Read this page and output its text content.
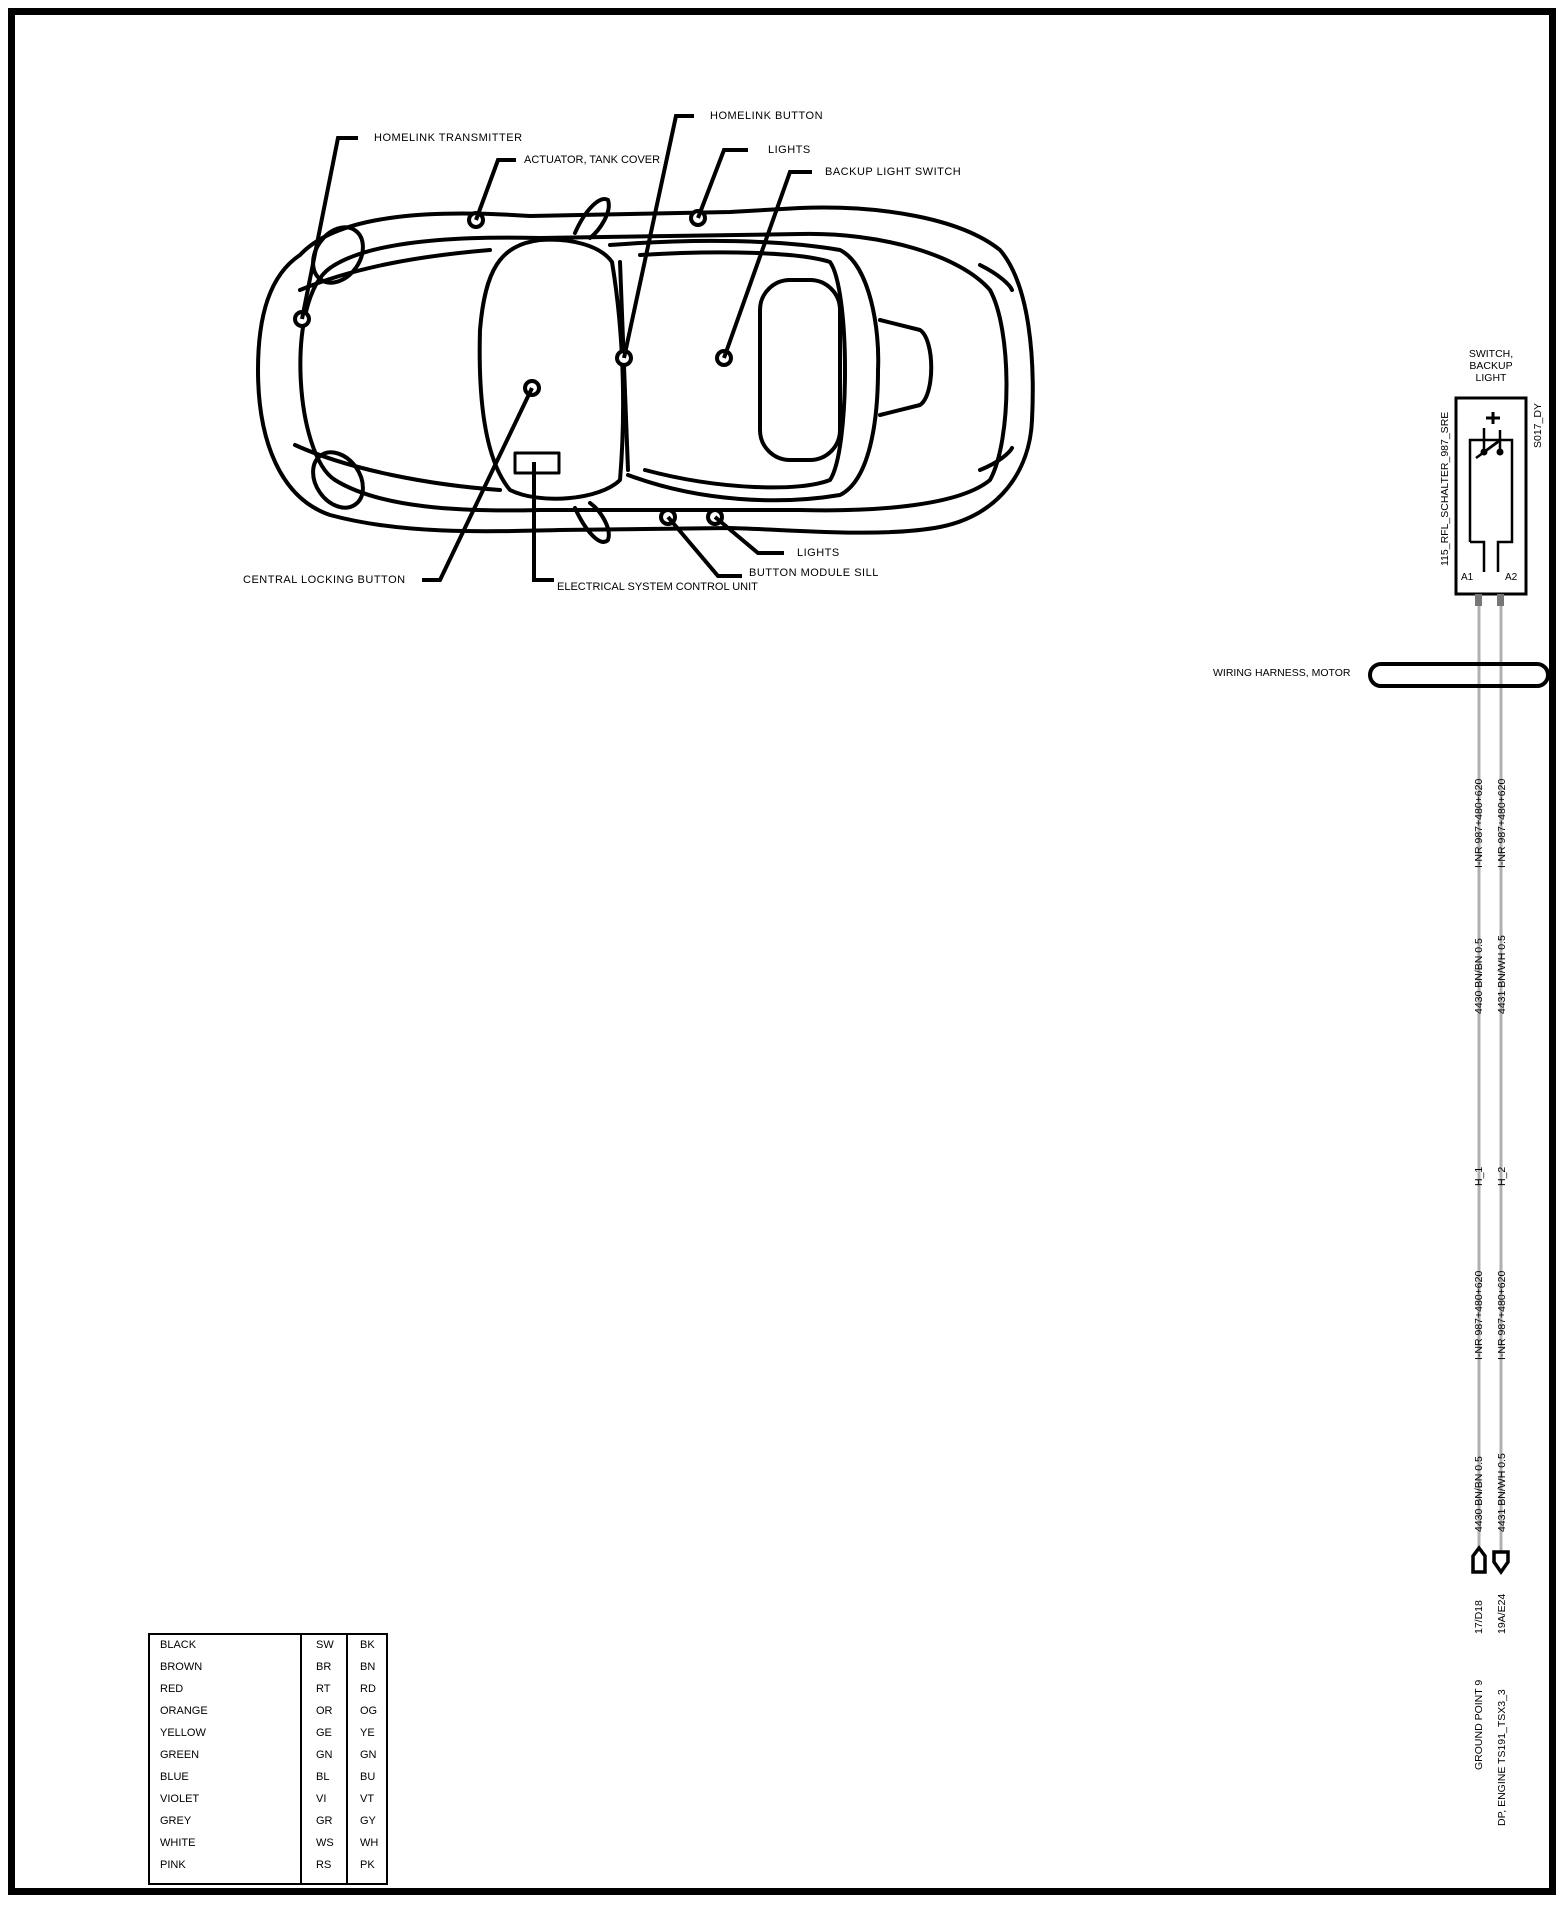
115_RFL_SCHALTER_987_SRE	S017_DY
I-NR 987+480+620 I-NR 987+480+620
4430 BN/BN 0.5 4431 BN/WH 0.5
H_1 H_2
I-NR 987+480+620 I-NR 987+480+620
4430 BN/BN 0.5 4431 BN/WH 0.5
17/D18 19A/E24
GROUND POINT 9 DP, ENGINE TS191_TSX3_3
HOMELINK TRANSMITTER
ACTUATOR, TANK COVER
HOMELINK BUTTON
LIGHTS
BACKUP LIGHT SWITCH
CENTRAL LOCKING BUTTON
ELECTRICAL SYSTEM CONTROL UNIT
LIGHTS
BUTTON MODULE SILL
SWITCH,
BACKUP
LIGHT
A1	A2
WIRING HARNESS, MOTOR
BLACK	SW BK
BROWN	BR	BN
RED	RT	RD
ORANGE	OR	OG
YELLOW	GE	YE
GREEN	GN	GN
BLUE	BL	BU
VIOLET	VI	VT
GREY	GR	GY
WHITE	WS WH
PINK	RS	PK
